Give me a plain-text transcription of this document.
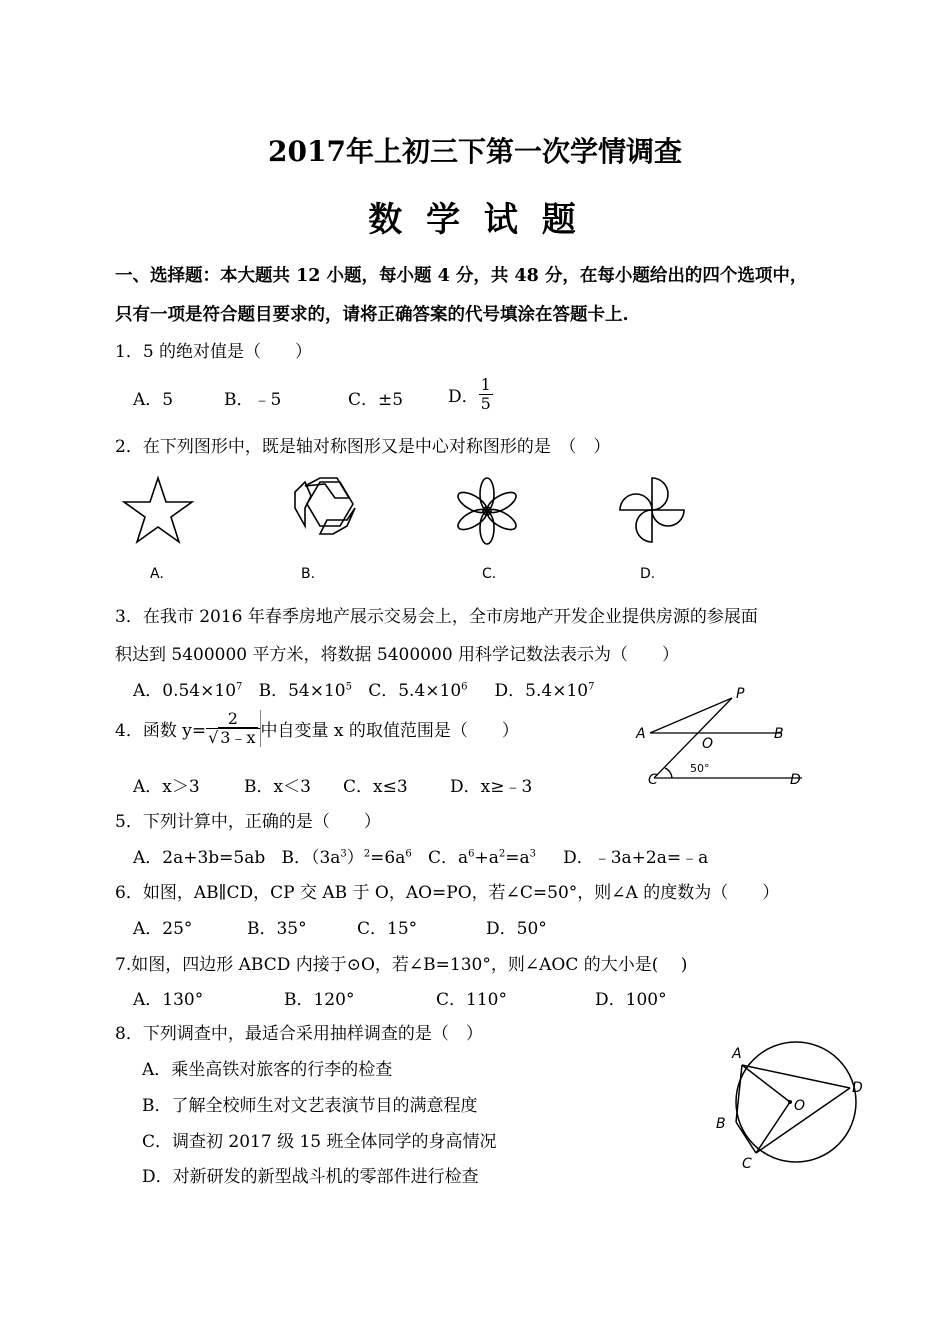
2017年上初三下第一次学情调查
数 学 试 题
一、选择题：本大题共 12 小题，每小题 4 分，共 48 分，在每小题给出的四个选项中，
只有一项是符合题目要求的，请将正确答案的代号填涂在答题卡上.
1．5 的绝对值是（　　）
A．5	B．﹣5	C．±5	D． $\frac{1}{5}$
2．在下列图形中，既是轴对称图形又是中心对称图形的是　（　）
A.	B.	C.	D.
3．在我市 2016 年春季房地产展示交易会上，全市房地产开发企业提供房源的参展面
积达到 5400000 平方米，将数据 5400000 用科学记数法表示为（　　）
A．$0.54\times 10^7$ B．$54\times 10^5$ C．$5.4\times 10^6$ D．$5.4\times 10^7$
4．函数 $y= \frac{2}{√ 3﹣x}$ 中自变量 x 的取值范围是（　　）
A．x＞3	B．x＜3 C．x≤3 D．x≥﹣3
P
A	B
O
C	D
50°
5．下列计算中，正确的是（　　）
A．2a+3b=5ab B．$(3a^3)^2=6a^6$ C．$a^6+a^2=a^3$ D．﹣3a+2a=﹣a
6．如图，AB∥CD，CP 交 AB 于 O，AO=PO，若∠C=50°，则∠A 的度数为（　　）
A．25°	B．35°	C．15°	D．50°
7.如图，四边形 ABCD 内接于⊙O，若∠B=130°，则∠AOC 的大小是(　 )
A．130°	B．120°	C．110°	D．100°
8．下列调查中，最适合采用抽样调查的是（　）
A．乘坐高铁对旅客的行李的检查
B．了解全校师生对文艺表演节目的满意程度
C．调查初 2017 级 15 班全体同学的身高情况
D．对新研发的新型战斗机的零部件进行检查
A
B
C
D
O
